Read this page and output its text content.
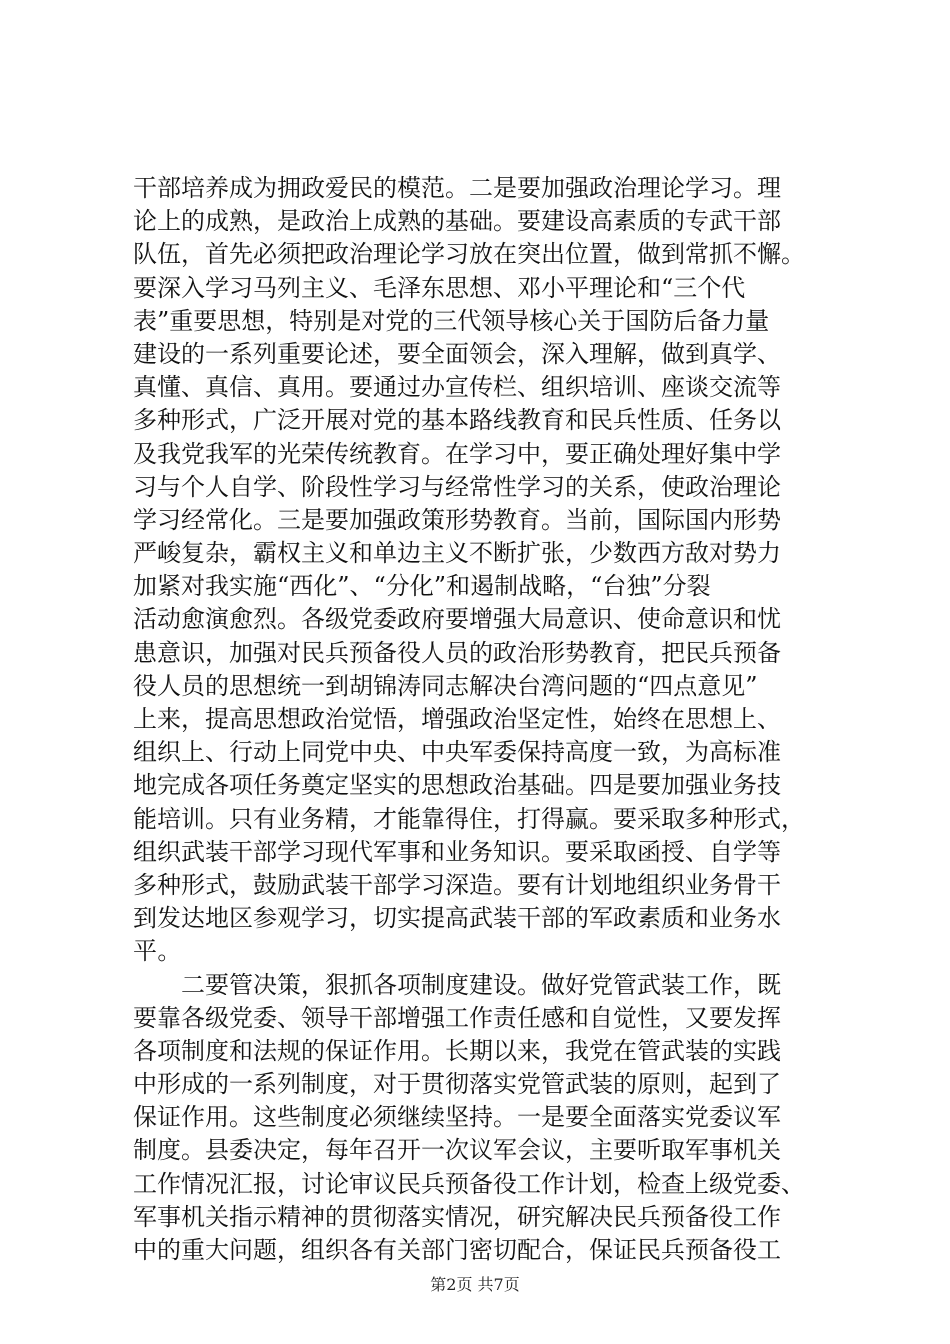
干部培养成为拥政爱民的模范。二是要加强政治理论学习。理
论上的成熟，是政治上成熟的基础。要建设高素质的专武干部
队伍，首先必须把政治理论学习放在突出位置，做到常抓不懈。
要深入学习马列主义、毛泽东思想、邓小平理论和“三个代
表”重要思想，特别是对党的三代领导核心关于国防后备力量
建设的一系列重要论述，要全面领会，深入理解，做到真学、
真懂、真信、真用。要通过办宣传栏、组织培训、座谈交流等
多种形式，广泛开展对党的基本路线教育和民兵性质、任务以
及我党我军的光荣传统教育。在学习中，要正确处理好集中学
习与个人自学、阶段性学习与经常性学习的关系，使政治理论
学习经常化。三是要加强政策形势教育。当前，国际国内形势
严峻复杂，霸权主义和单边主义不断扩张，少数西方敌对势力
加紧对我实施“西化”、“分化”和遏制战略，“台独”分裂
活动愈演愈烈。各级党委政府要增强大局意识、使命意识和忧
患意识，加强对民兵预备役人员的政治形势教育，把民兵预备
役人员的思想统一到胡锦涛同志解决台湾问题的“四点意见”
上来，提高思想政治觉悟，增强政治坚定性，始终在思想上、
组织上、行动上同党中央、中央军委保持高度一致，为高标准
地完成各项任务奠定坚实的思想政治基础。四是要加强业务技
能培训。只有业务精，才能靠得住，打得赢。要采取多种形式，
组织武装干部学习现代军事和业务知识。要采取函授、自学等
多种形式，鼓励武装干部学习深造。要有计划地组织业务骨干
到发达地区参观学习，切实提高武装干部的军政素质和业务水
平。
　　二要管决策，狠抓各项制度建设。做好党管武装工作，既
要靠各级党委、领导干部增强工作责任感和自觉性，又要发挥
各项制度和法规的保证作用。长期以来，我党在管武装的实践
中形成的一系列制度，对于贯彻落实党管武装的原则，起到了
保证作用。这些制度必须继续坚持。一是要全面落实党委议军
制度。县委决定，每年召开一次议军会议，主要听取军事机关
工作情况汇报，讨论审议民兵预备役工作计划，检查上级党委、
军事机关指示精神的贯彻落实情况，研究解决民兵预备役工作
中的重大问题，组织各有关部门密切配合，保证民兵预备役工
第2页 共7页
